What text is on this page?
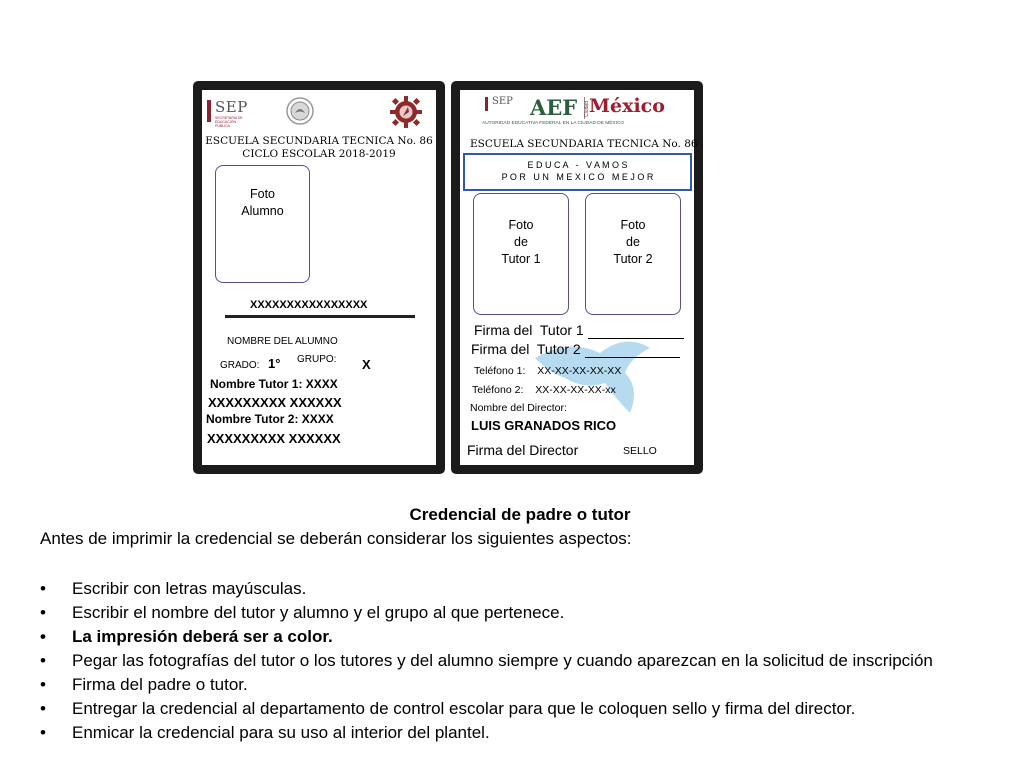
SEP
SECRETARÍA DE EDUCACIÓN PÚBLICA
ESCUELA SECUNDARIA TECNICA No. 86
CICLO ESCOLAR 2018-2019
Foto
Alumno
XXXXXXXXXXXXXXXX
NOMBRE DEL ALUMNO
GRADO: 1° GRUPO: X
Nombre Tutor 1: XXXX
XXXXXXXXX XXXXXX
Nombre Tutor 2: XXXX
XXXXXXXXX XXXXXX
SEP AEF Ciudad México
AUTORIDAD EDUCATIVA FEDERAL EN LA CIUDAD DE MÉXICO
ESCUELA SECUNDARIA TECNICA No. 86
E D U C A   -   V A M O S
P O R   U N   M E X I C O   M E J O R
Foto
de
Tutor 1
Foto
de
Tutor 2
Firma del  Tutor 1
Firma del  Tutor 2
Teléfono 1: XX-XX-XX-XX-XX
Teléfono 2: XX-XX-XX-XX-xx
Nombre del Director:
LUIS GRANADOS RICO
Firma del Director	SELLO
Credencial de padre o tutor
Antes de imprimir la credencial se deberán considerar los siguientes aspectos:
• Escribir con letras mayúsculas.
• Escribir el nombre del tutor y alumno y el grupo al que pertenece.
• La impresión deberá ser a color.
• Pegar las fotografías del tutor o los tutores y del alumno siempre y cuando aparezcan en la solicitud de inscripción
• Firma del padre o tutor.
• Entregar la credencial al departamento de control escolar para que le coloquen sello y firma del director.
• Enmicar la credencial para su uso al interior del plantel.
